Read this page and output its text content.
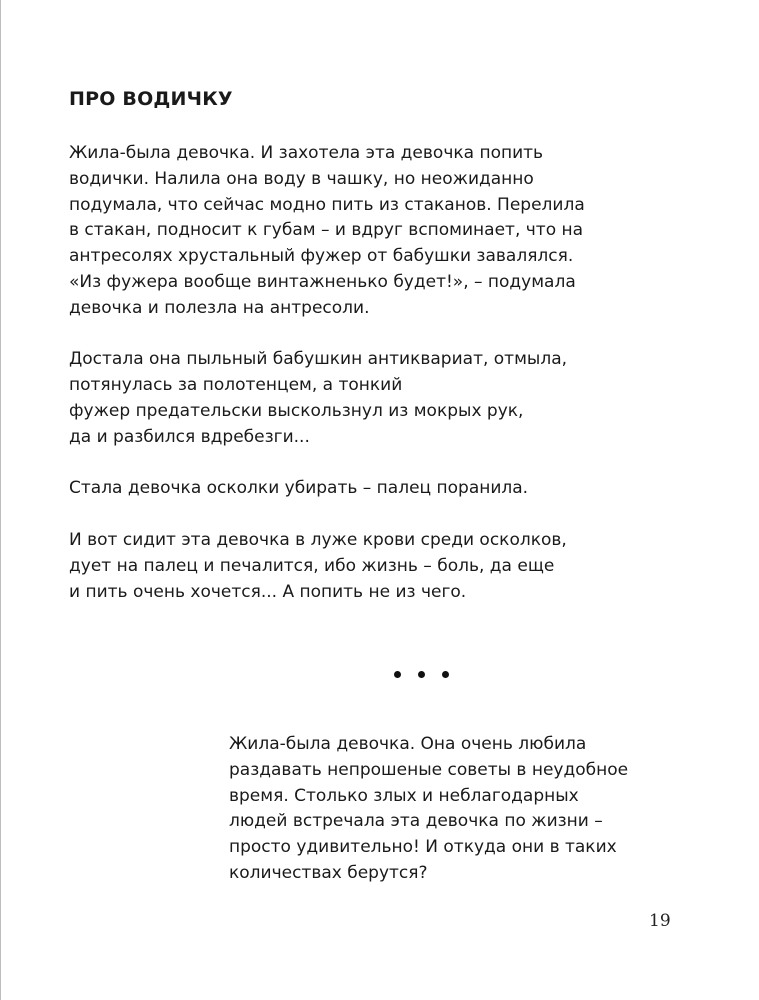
ПРО ВОДИЧКУ

Жила-была девочка. И захотела эта девочка попить
водички. Налила она воду в чашку, но неожиданно
подумала, что сейчас модно пить из стаканов. Перелила
в стакан, подносит к губам – и вдруг вспоминает, что на
антресолях хрустальный фужер от бабушки завалялся.
«Из фужера вообще винтажненько будет!», – подумала
девочка и полезла на антресоли.

Достала она пыльный бабушкин антиквариат, отмыла,
потянулась за полотенцем, а тонкий
фужер предательски выскользнул из мокрых рук,
да и разбился вдребезги...

Стала девочка осколки убирать – палец поранила.

И вот сидит эта девочка в луже крови среди осколков,
дует на палец и печалится, ибо жизнь – боль, да еще
и пить очень хочется... А попить не из чего.

Жила-была девочка. Она очень любила
раздавать непрошеные советы в неудобное
время. Столько злых и неблагодарных
людей встречала эта девочка по жизни –
просто удивительно! И откуда они в таких
количествах берутся?
19
